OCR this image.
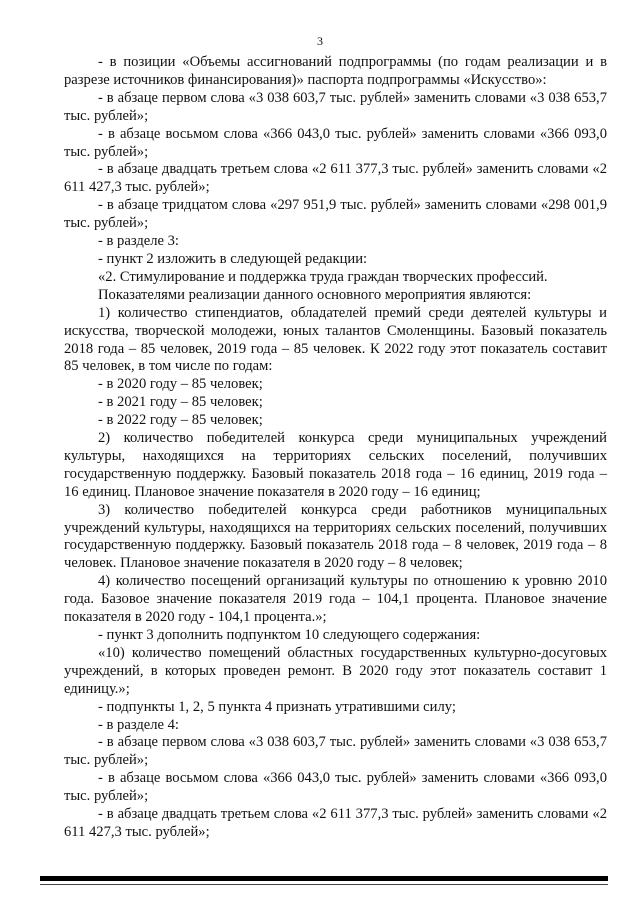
3

- в позиции «Объемы ассигнований подпрограммы (по годам реализации и в разрезе источников финансирования)» паспорта подпрограммы «Искусство»:

- в абзаце первом слова «3 038 603,7 тыс. рублей» заменить словами «3 038 653,7 тыс. рублей»;

- в абзаце восьмом слова «366 043,0 тыс. рублей» заменить словами «366 093,0 тыс. рублей»;

- в абзаце двадцать третьем слова «2 611 377,3 тыс. рублей» заменить словами «2 611 427,3 тыс. рублей»;

- в абзаце тридцатом слова «297 951,9 тыс. рублей» заменить словами «298 001,9 тыс. рублей»;

- в разделе 3:

- пункт 2 изложить в следующей редакции:

«2. Стимулирование и поддержка труда граждан творческих профессий.

Показателями реализации данного основного мероприятия являются:

1) количество стипендиатов, обладателей премий среди деятелей культуры и искусства, творческой молодежи, юных талантов Смоленщины. Базовый показатель 2018 года – 85 человек, 2019 года – 85 человек. К 2022 году этот показатель составит 85 человек, в том числе по годам:

- в 2020 году – 85 человек;

- в 2021 году – 85 человек;

- в 2022 году – 85 человек;

2) количество победителей конкурса среди муниципальных учреждений культуры, находящихся на территориях сельских поселений, получивших государственную поддержку. Базовый показатель 2018 года – 16 единиц, 2019 года – 16 единиц. Плановое значение показателя в 2020 году – 16 единиц;

3) количество победителей конкурса среди работников муниципальных учреждений культуры, находящихся на территориях сельских поселений, получивших государственную поддержку. Базовый показатель 2018 года – 8 человек, 2019 года – 8 человек. Плановое значение показателя в 2020 году – 8 человек;

4) количество посещений организаций культуры по отношению к уровню 2010 года. Базовое значение показателя 2019 года – 104,1 процента. Плановое значение показателя в 2020 году - 104,1 процента.»;

- пункт 3 дополнить подпунктом 10 следующего содержания:

«10) количество помещений областных государственных культурно-досуговых учреждений, в которых проведен ремонт. В 2020 году этот показатель составит 1 единицу.»;

- подпункты 1, 2, 5 пункта 4 признать утратившими силу;

- в разделе 4:

- в абзаце первом слова «3 038 603,7 тыс. рублей» заменить словами «3 038 653,7 тыс. рублей»;

- в абзаце восьмом слова «366 043,0 тыс. рублей» заменить словами «366 093,0 тыс. рублей»;

- в абзаце двадцать третьем слова «2 611 377,3 тыс. рублей» заменить словами «2 611 427,3 тыс. рублей»;
